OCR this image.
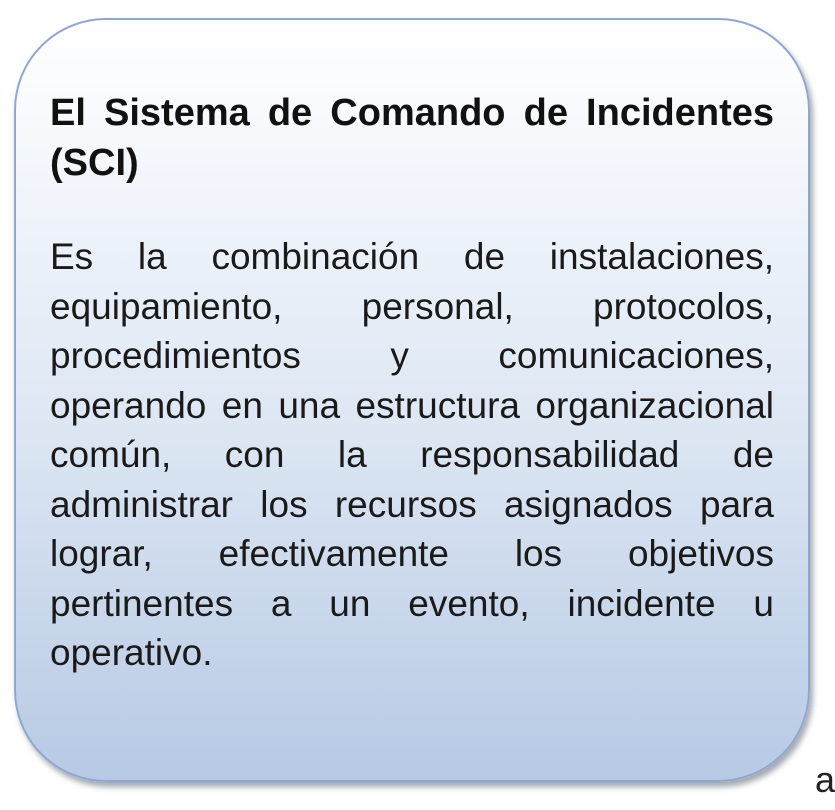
El Sistema de Comando de Incidentes (SCI)

Es la combinación de instalaciones, equipamiento, personal, protocolos, procedimientos y comunicaciones, operando en una estructura organizacional común, con la responsabilidad de administrar los recursos asignados para lograr, efectivamente los objetivos pertinentes a un evento, incidente u operativo.

a
